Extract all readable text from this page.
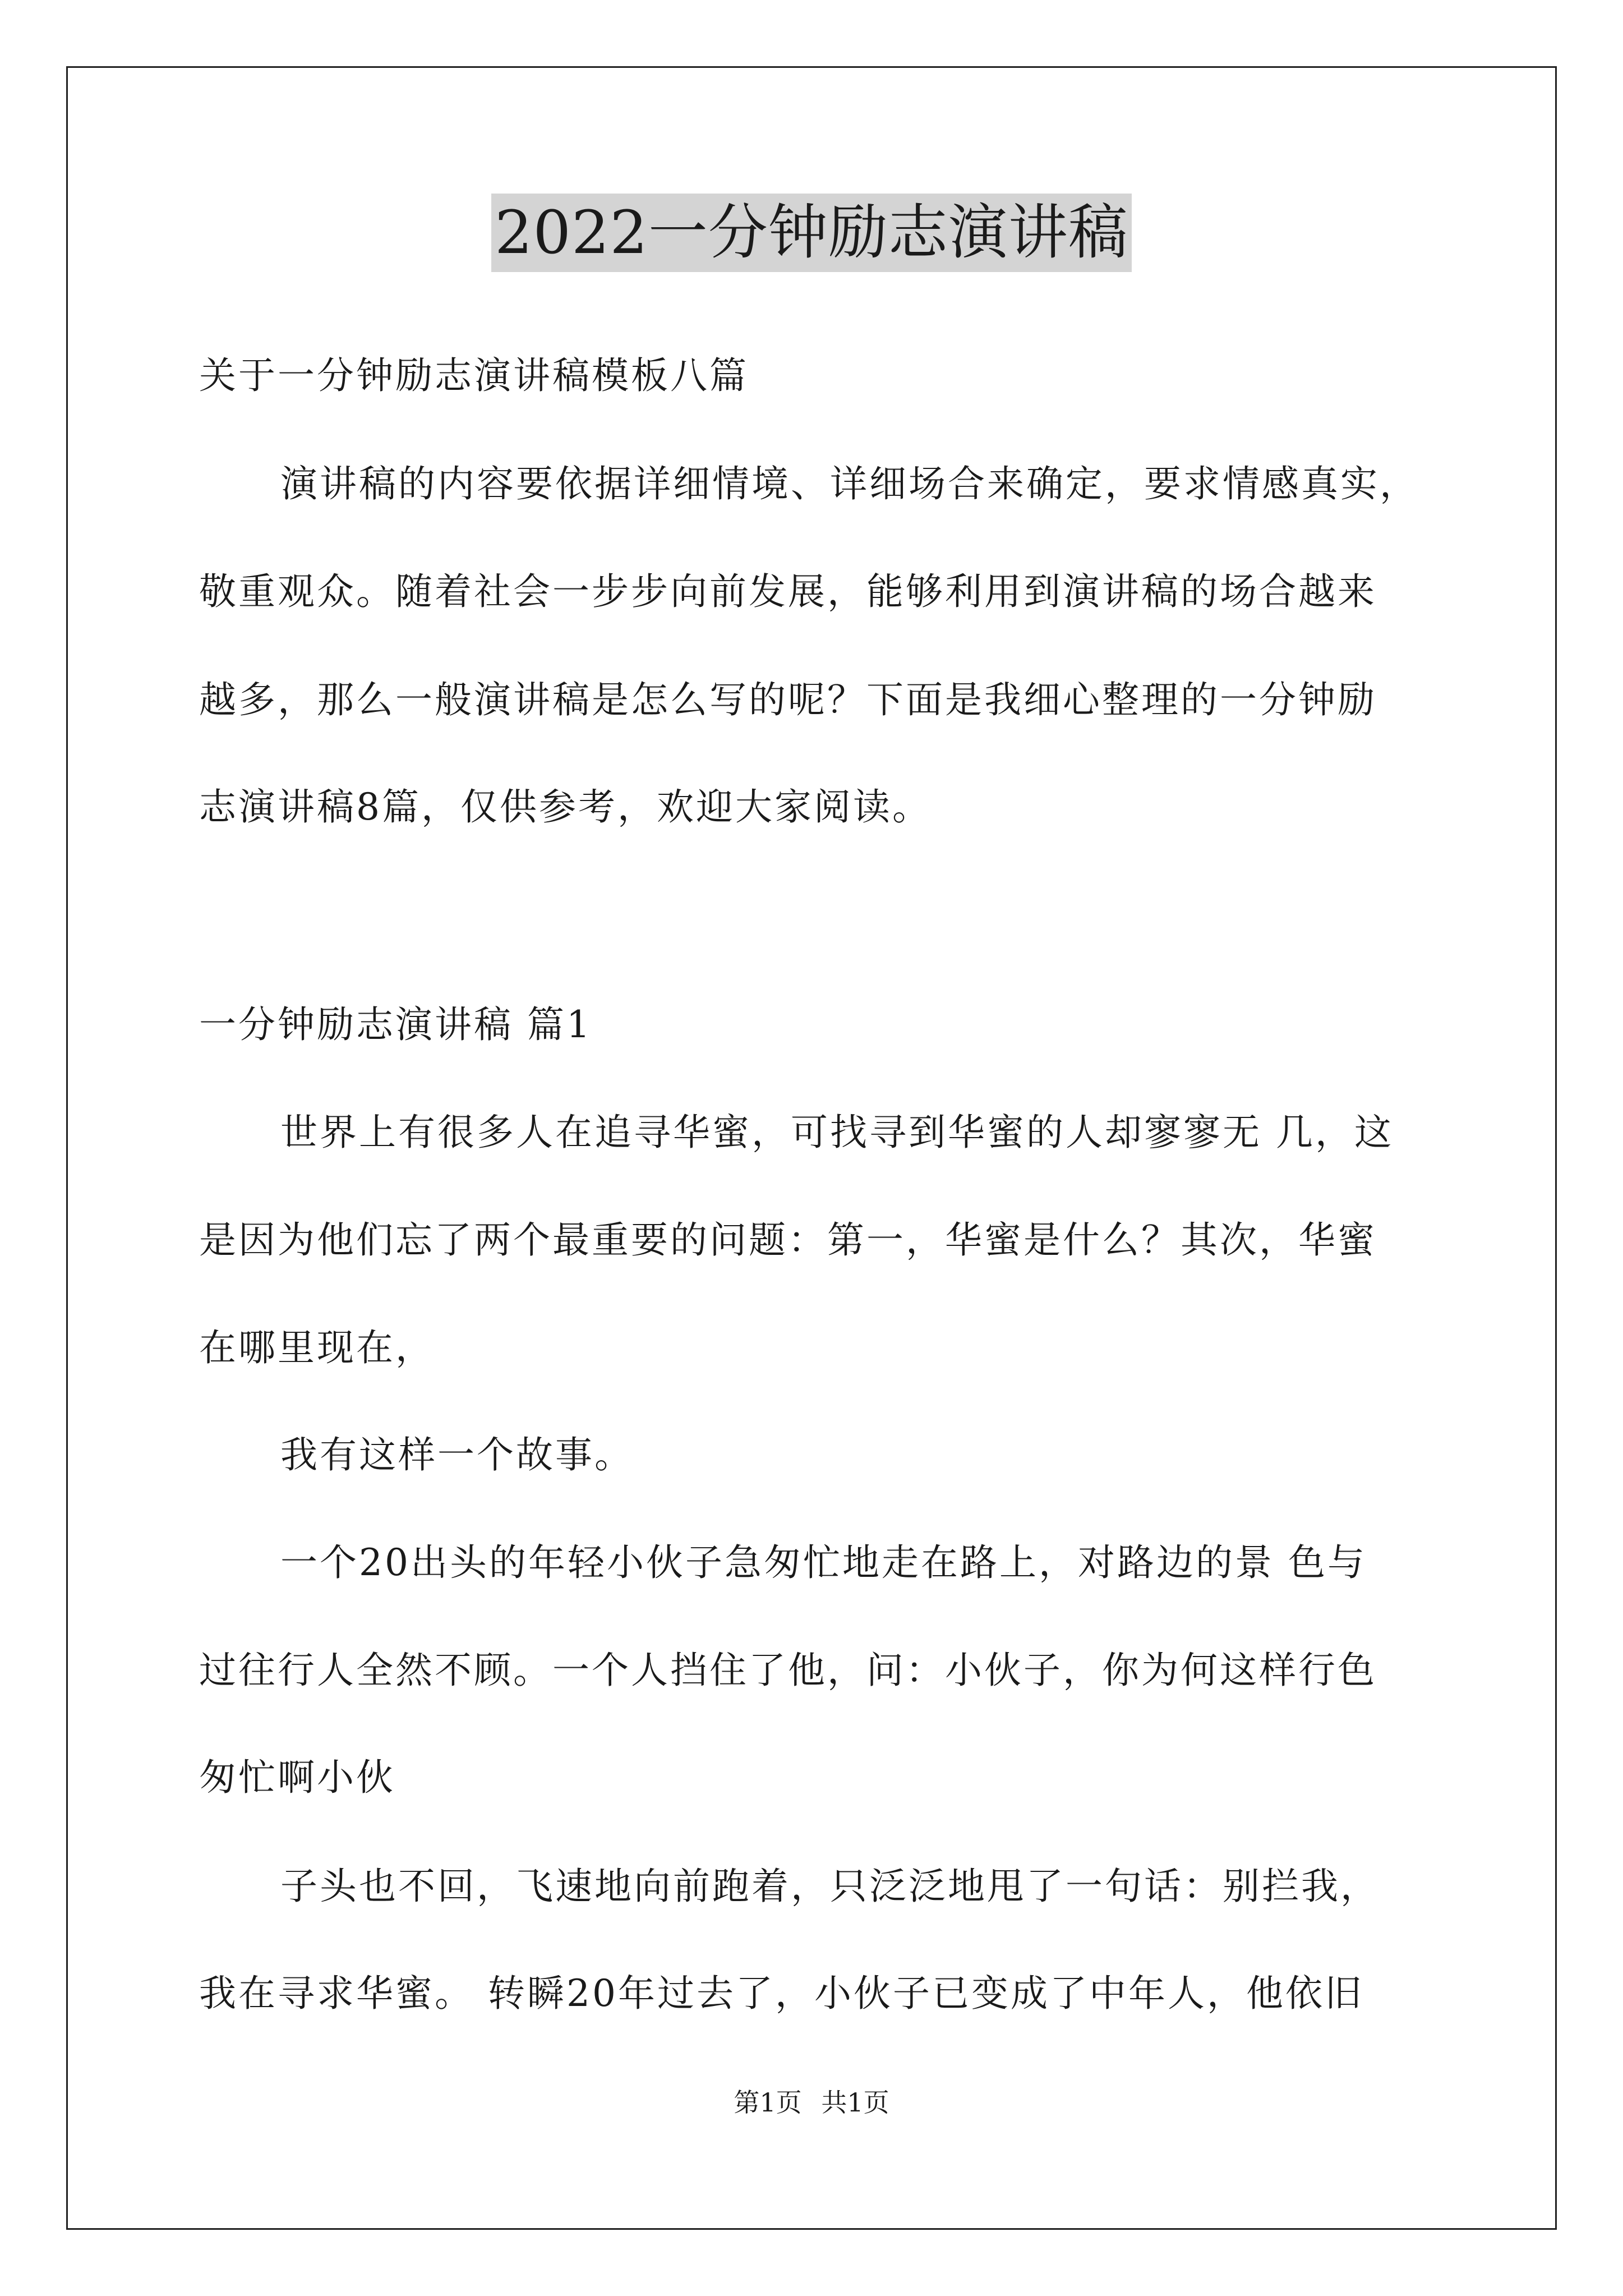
2022一分钟励志演讲稿
关于一分钟励志演讲稿模板八篇
演讲稿的内容要依据详细情境、详细场合来确定，要求情感真实，
敬重观众。随着社会一步步向前发展，能够利用到演讲稿的场合越来
越多，那么一般演讲稿是怎么写的呢？下面是我细心整理的一分钟励
志演讲稿8篇，仅供参考，欢迎大家阅读。
一分钟励志演讲稿 篇1
世界上有很多人在追寻华蜜，可找寻到华蜜的人却寥寥无 几，这
是因为他们忘了两个最重要的问题：第一，华蜜是什么？其次，华蜜
在哪里现在，
我有这样一个故事。
一个20出头的年轻小伙子急匆忙地走在路上，对路边的景 色与
过往行人全然不顾。一个人挡住了他，问：小伙子，你为何这样行色
匆忙啊小伙
子头也不回，飞速地向前跑着，只泛泛地甩了一句话：别拦我，
我在寻求华蜜。 转瞬20年过去了，小伙子已变成了中年人，他依旧
第1页 共1页
